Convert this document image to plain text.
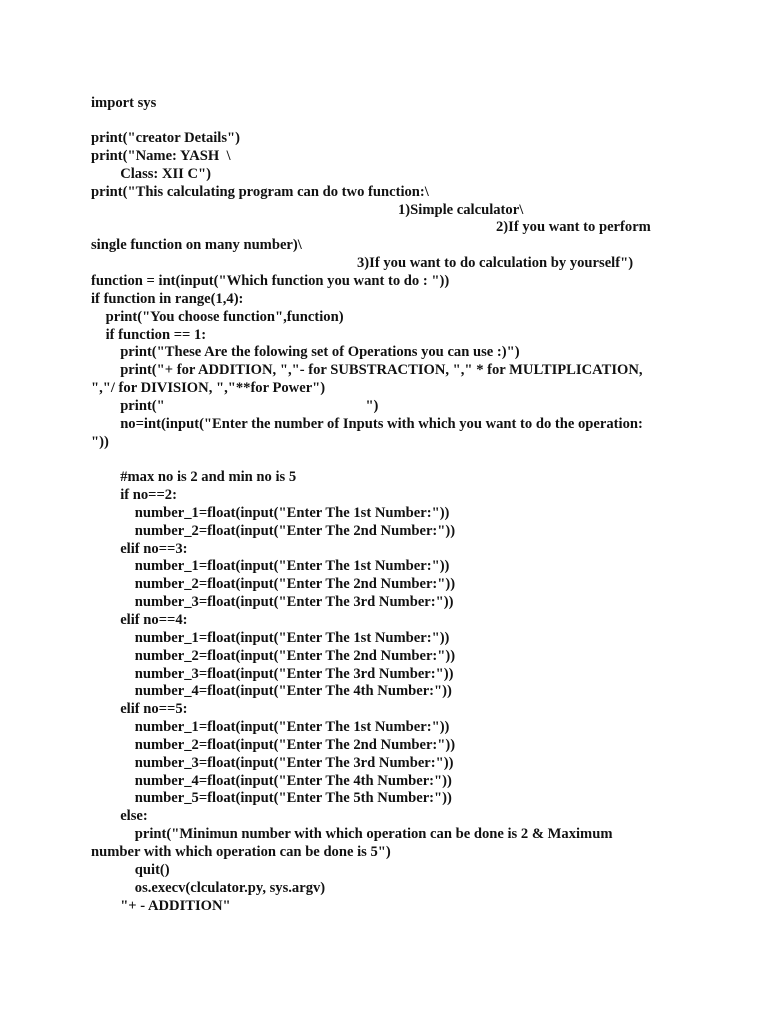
import sys
print("creator Details")
print("Name: YASH  \
Class: XII C")
print("This calculating program can do two function:\
1)Simple calculator\
2)If you want to perform
single function on many number)\
3)If you want to do calculation by yourself")
function = int(input("Which function you want to do : "))
if function in range(1,4):
print("You choose function",function)
if function == 1:
print("These Are the folowing set of Operations you can use :)")
print("+ for ADDITION, ","- for SUBSTRACTION, "," * for MULTIPLICATION,
","/ for DIVISION, ","**for Power")
print("                                                       ")
no=int(input("Enter the number of Inputs with which you want to do the operation:
"))
#max no is 2 and min no is 5
if no==2:
number_1=float(input("Enter The 1st Number:"))
number_2=float(input("Enter The 2nd Number:"))
elif no==3:
number_1=float(input("Enter The 1st Number:"))
number_2=float(input("Enter The 2nd Number:"))
number_3=float(input("Enter The 3rd Number:"))
elif no==4:
number_1=float(input("Enter The 1st Number:"))
number_2=float(input("Enter The 2nd Number:"))
number_3=float(input("Enter The 3rd Number:"))
number_4=float(input("Enter The 4th Number:"))
elif no==5:
number_1=float(input("Enter The 1st Number:"))
number_2=float(input("Enter The 2nd Number:"))
number_3=float(input("Enter The 3rd Number:"))
number_4=float(input("Enter The 4th Number:"))
number_5=float(input("Enter The 5th Number:"))
else:
print("Minimun number with which operation can be done is 2 & Maximum
number with which operation can be done is 5")
quit()
os.execv(clculator.py, sys.argv)
"+ - ADDITION"
